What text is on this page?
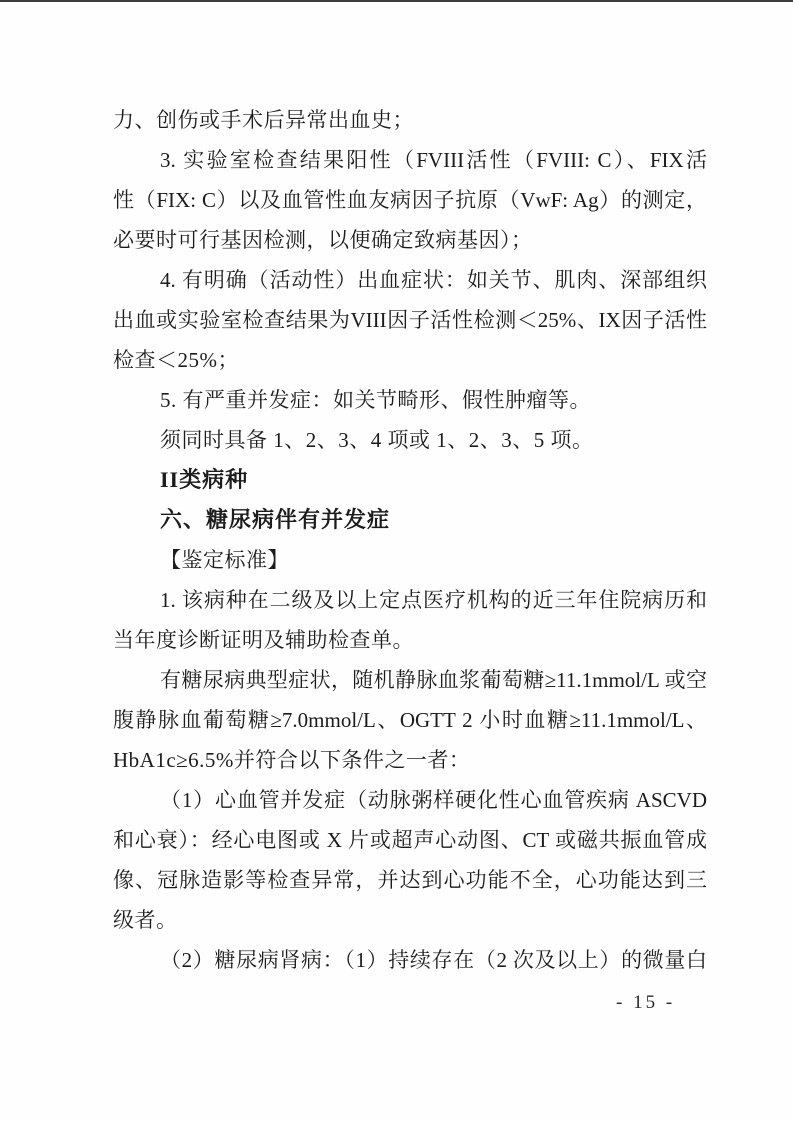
力、创伤或手术后异常出血史；
3. 实验室检查结果阳性（FVIII活性（FVIII: C）、FIX活
性（FIX: C）以及血管性血友病因子抗原（VwF: Ag）的测定，
必要时可行基因检测，以便确定致病基因）；
4. 有明确（活动性）出血症状：如关节、肌肉、深部组织
出血或实验室检查结果为VIII因子活性检测＜25%、IX因子活性
检查＜25%；
5. 有严重并发症：如关节畸形、假性肿瘤等。
须同时具备 1、2、3、4 项或 1、2、3、5 项。
II类病种
六、糖尿病伴有并发症
【鉴定标准】
1. 该病种在二级及以上定点医疗机构的近三年住院病历和
当年度诊断证明及辅助检查单。
有糖尿病典型症状，随机静脉血浆葡萄糖≥11.1mmol/L 或空
腹静脉血葡萄糖≥7.0mmol/L、OGTT 2 小时血糖≥11.1mmol/L、
HbA1c≥6.5%并符合以下条件之一者：
（1）心血管并发症（动脉粥样硬化性心血管疾病 ASCVD
和心衰）：经心电图或 X 片或超声心动图、CT 或磁共振血管成
像、冠脉造影等检查异常，并达到心功能不全，心功能达到三
级者。
（2）糖尿病肾病：（1）持续存在（2 次及以上）的微量白
- 15 -
